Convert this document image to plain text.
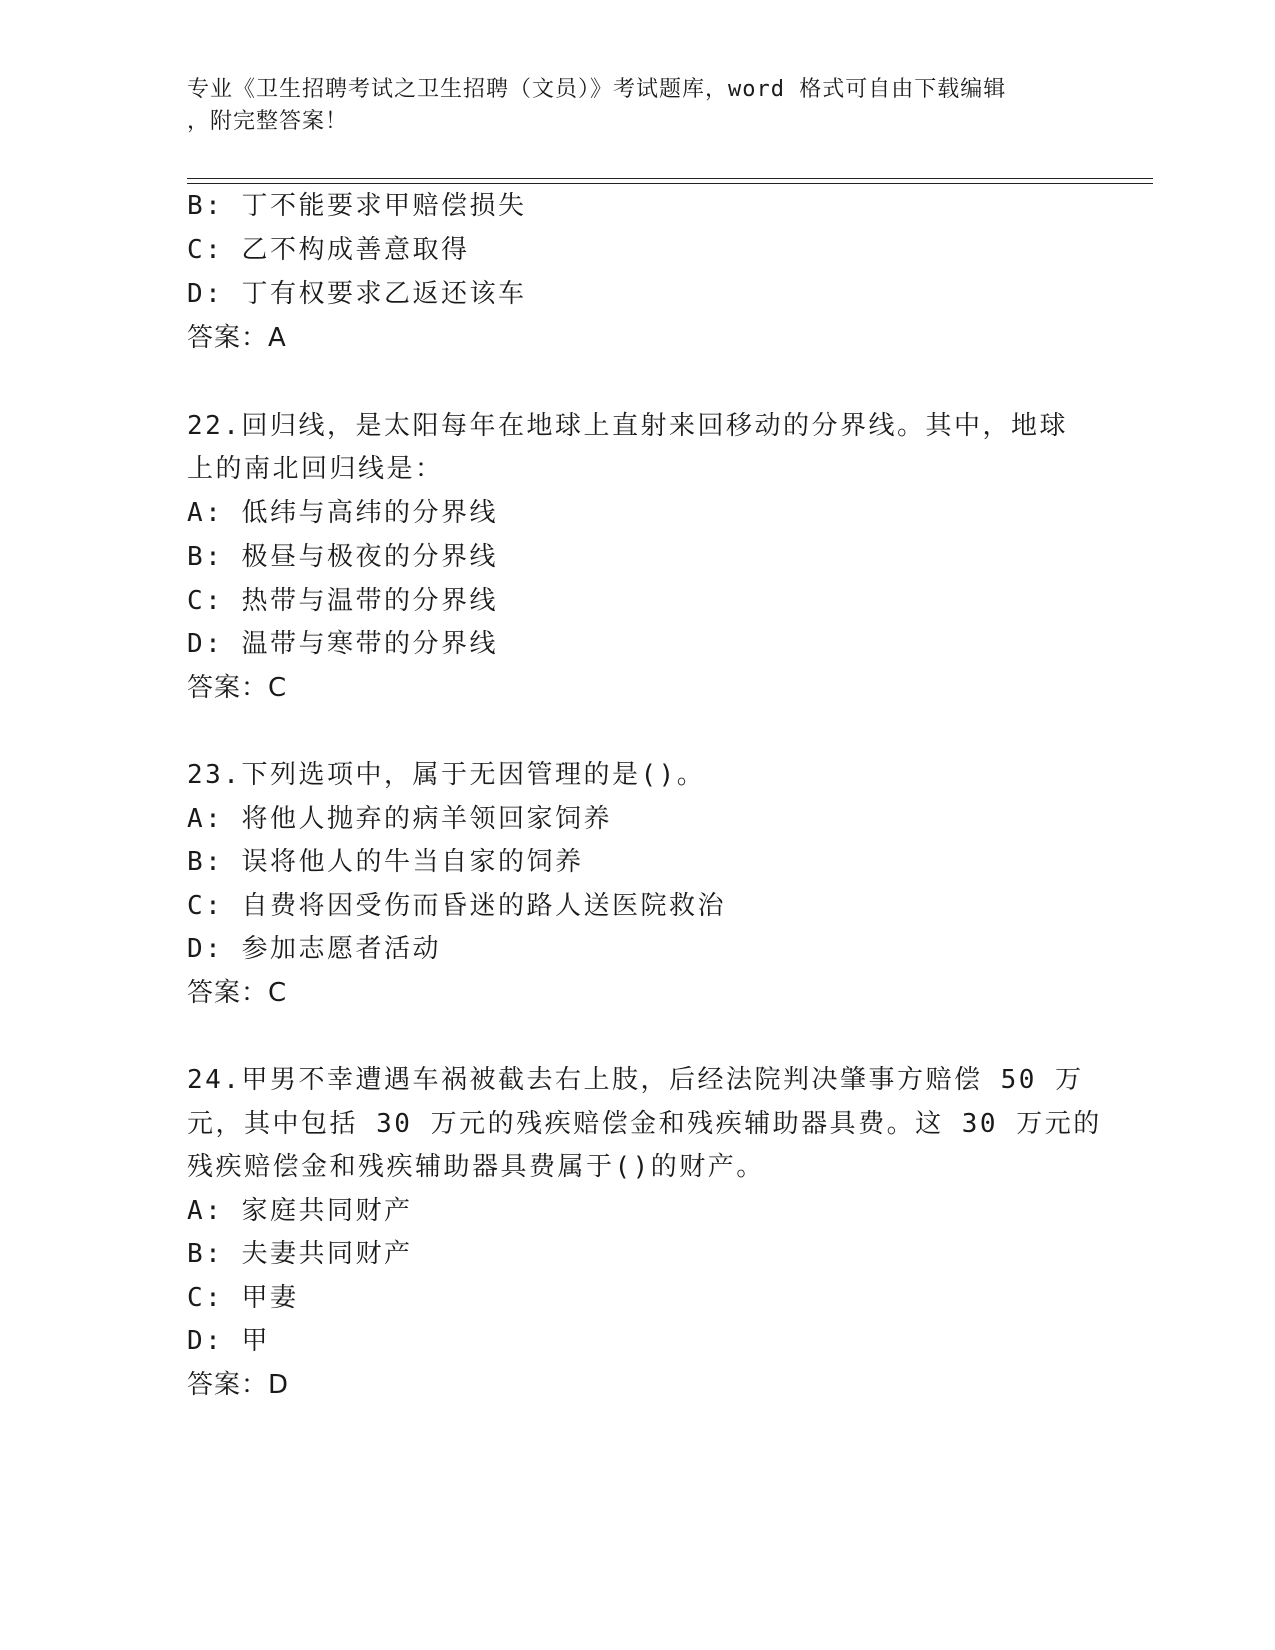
专业《卫生招聘考试之卫生招聘（文员）》考试题库，word 格式可自由下载编辑
，附完整答案！
B: 丁不能要求甲赔偿损失
C: 乙不构成善意取得
D: 丁有权要求乙返还该车
答案：A
22.回归线，是太阳每年在地球上直射来回移动的分界线。其中，地球
上的南北回归线是：
A: 低纬与高纬的分界线
B: 极昼与极夜的分界线
C: 热带与温带的分界线
D: 温带与寒带的分界线
答案：C
23.下列选项中，属于无因管理的是()。
A: 将他人抛弃的病羊领回家饲养
B: 误将他人的牛当自家的饲养
C: 自费将因受伤而昏迷的路人送医院救治
D: 参加志愿者活动
答案：C
24.甲男不幸遭遇车祸被截去右上肢，后经法院判决肇事方赔偿 50 万
元，其中包括 30 万元的残疾赔偿金和残疾辅助器具费。这 30 万元的
残疾赔偿金和残疾辅助器具费属于()的财产。
A: 家庭共同财产
B: 夫妻共同财产
C: 甲妻
D: 甲
答案：D
